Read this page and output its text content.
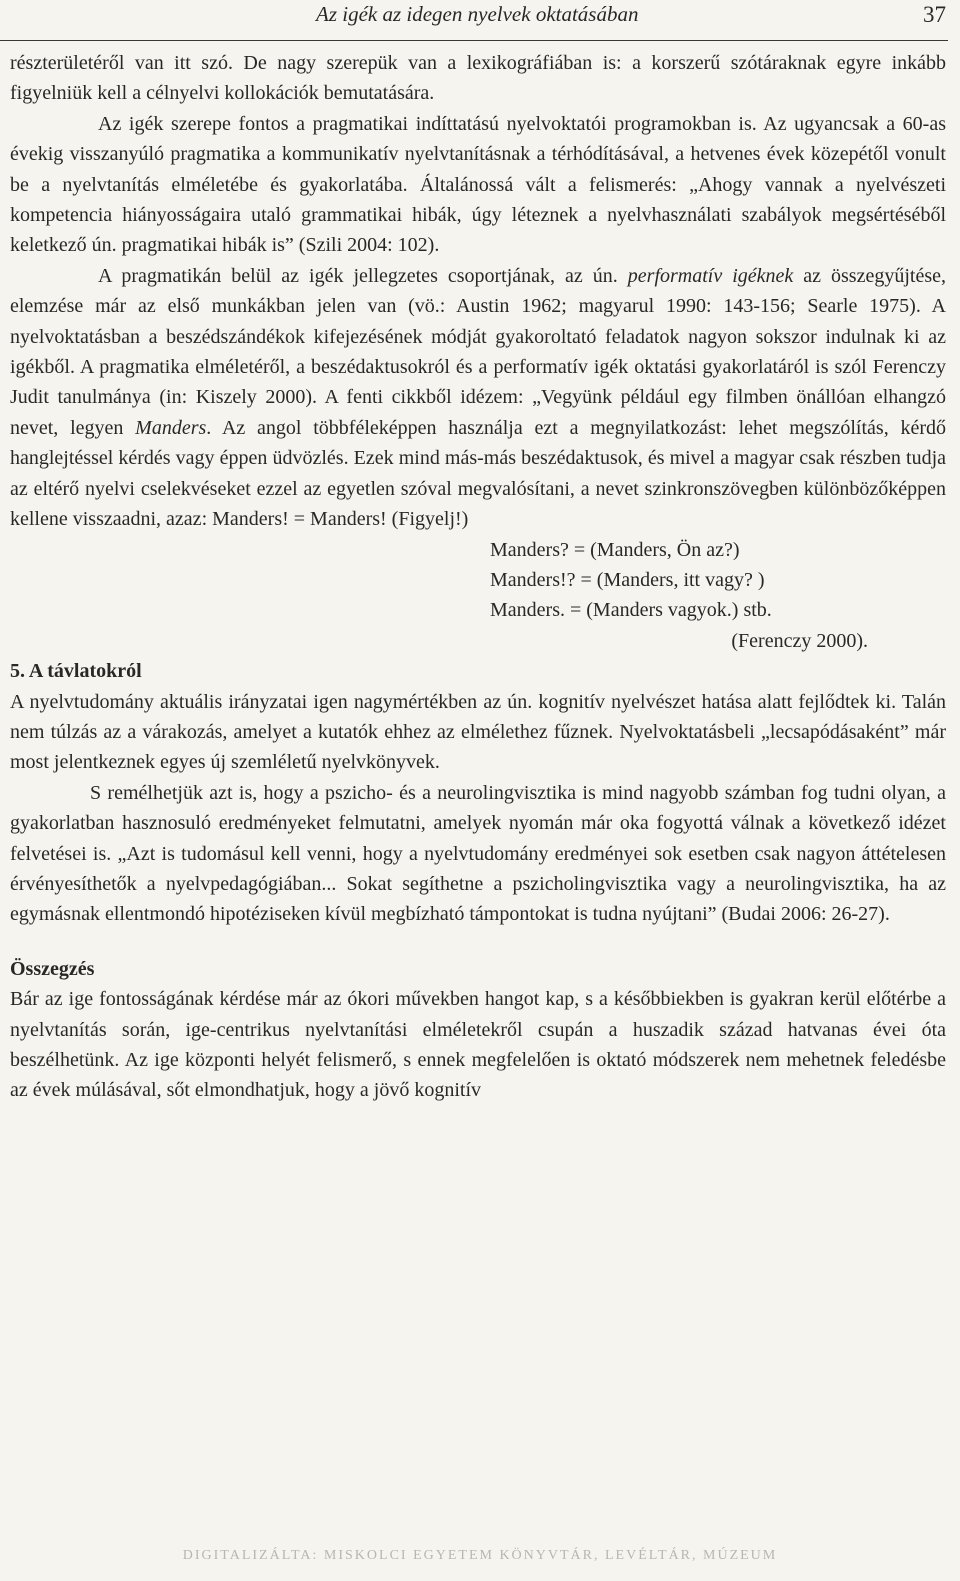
Az igék az idegen nyelvek oktatásában	37

részterületéről van itt szó. De nagy szerepük van a lexikográfiában is: a korszerű szótáraknak egyre inkább figyelniük kell a célnyelvi kollokációk bemutatására.

Az igék szerepe fontos a pragmatikai indíttatású nyelvoktatói programokban is. Az ugyancsak a 60-as évekig visszanyúló pragmatika a kommunikatív nyelvtanításnak a térhódításával, a hetvenes évek közepétől vonult be a nyelvtanítás elméletébe és gyakorlatába. Általánossá vált a felismerés: „Ahogy vannak a nyelvészeti kompetencia hiányosságaira utaló grammatikai hibák, úgy léteznek a nyelvhasználati szabályok megsértéséből keletkező ún. pragmatikai hibák is” (Szili 2004: 102).

A pragmatikán belül az igék jellegzetes csoportjának, az ún. performatív igéknek az összegyűjtése, elemzése már az első munkákban jelen van (vö.: Austin 1962; magyarul 1990: 143-156; Searle 1975). A nyelvoktatásban a beszédszándékok kifejezésének módját gyakoroltató feladatok nagyon sokszor indulnak ki az igékből. A pragmatika elméletéről, a beszédaktusokról és a performatív igék oktatási gyakorlatáról is szól Ferenczy Judit tanulmánya (in: Kiszely 2000). A fenti cikkből idézem: „Vegyünk például egy filmben önállóan elhangzó nevet, legyen Manders. Az angol többféleképpen használja ezt a megnyilatkozást: lehet megszólítás, kérdő hanglejtéssel kérdés vagy éppen üdvözlés. Ezek mind más-más beszédaktusok, és mivel a magyar csak részben tudja az eltérő nyelvi cselekvéseket ezzel az egyetlen szóval megvalósítani, a nevet szinkronszövegben különbözőképpen kellene visszaadni, azaz: Manders! = Manders! (Figyelj!)

Manders? = (Manders, Ön az?)
Manders!? = (Manders, itt vagy? )
Manders. = (Manders vagyok.) stb.
(Ferenczy 2000).

5. A távlatokról

A nyelvtudomány aktuális irányzatai igen nagymértékben az ún. kognitív nyelvészet hatása alatt fejlődtek ki. Talán nem túlzás az a várakozás, amelyet a kutatók ehhez az elmélethez fűznek. Nyelvoktatásbeli „lecsapódásaként” már most jelentkeznek egyes új szemléletű nyelvkönyvek.

S remélhetjük azt is, hogy a pszicho- és a neurolingvisztika is mind nagyobb számban fog tudni olyan, a gyakorlatban hasznosuló eredményeket felmutatni, amelyek nyomán már oka fogyottá válnak a következő idézet felvetései is. „Azt is tudomásul kell venni, hogy a nyelvtudomány eredményei sok esetben csak nagyon áttételesen érvényesíthetők a nyelvpedagógiában... Sokat segíthetne a pszicholingvisztika vagy a neurolingvisztika, ha az egymásnak ellentmondó hipotéziseken kívül megbízható támpontokat is tudna nyújtani” (Budai 2006: 26-27).

Összegzés

Bár az ige fontosságának kérdése már az ókori művekben hangot kap, s a későbbiekben is gyakran kerül előtérbe a nyelvtanítás során, ige-centrikus nyelvtanítási elméletekről csupán a huszadik század hatvanas évei óta beszélhetünk. Az ige központi helyét felismerő, s ennek megfelelően is oktató módszerek nem mehetnek feledésbe az évek múlásával, sőt elmondhatjuk, hogy a jövő kognitív

DIGITALIZÁLTA: MISKOLCI EGYETEM KÖNYVTÁR, LEVÉLTÁR, MÚZEUM
